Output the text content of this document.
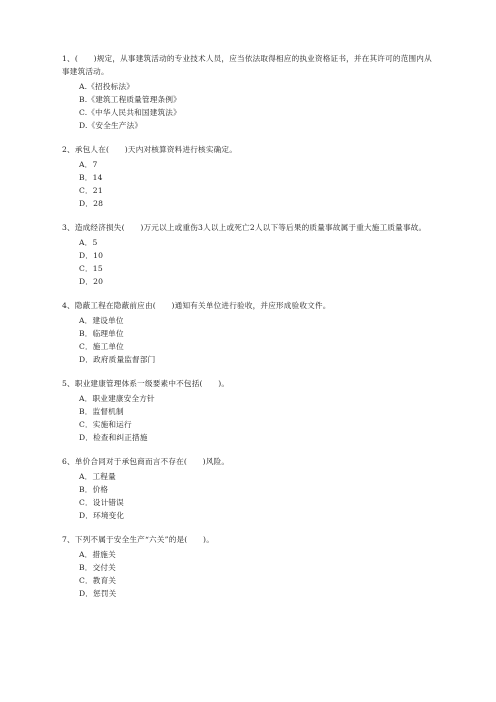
1、(　　)规定，从事建筑活动的专业技术人员，应当依法取得相应的执业资格证书，并在其许可的范围内从事建筑活动。
A.《招投标法》
B.《建筑工程质量管理条例》
C.《中华人民共和国建筑法》
D.《安全生产法》
2、承包人在(　　)天内对核算资料进行核实确定。
A．7
B．14
C．21
D．28
3、造成经济损失(　　)万元以上或重伤3人以上或死亡2人以下等后果的质量事故属于重大施工质量事故。
A．5
D．10
C．15
D．20
4、隐蔽工程在隐蔽前应由(　　)通知有关单位进行验收，并应形成验收文件。
A．建设单位
B．临理单位
C．施工单位
D．政府质量监督部门
5、职业建康管理体系一级要素中不包括(　　)。
A．职业建康安全方针
B．监督机制
C．实施和运行
D．检查和纠正措施
6、单价合同对于承包商而言不存在(　　)风险。
A．工程量
B．价格
C．设计错误
D．环境变化
7、下列不属于安全生产“六关”的是(　　)。
A．措施关
B．交付关
C．教育关
D．惩罚关
